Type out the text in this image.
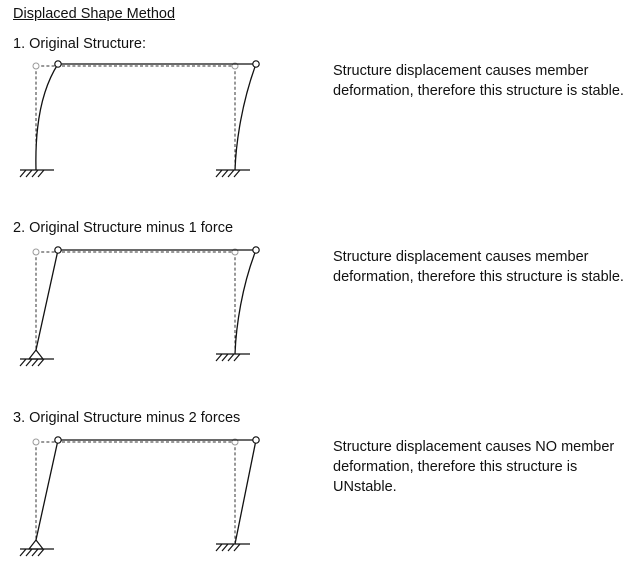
Displaced Shape Method
1. Original Structure:
Structure displacement causes member deformation, therefore this structure is stable.
2. Original Structure minus 1 force
Structure displacement causes member deformation, therefore this structure is stable.
3. Original Structure minus 2 forces
Structure displacement causes NO member deformation, therefore this structure is UNstable.
